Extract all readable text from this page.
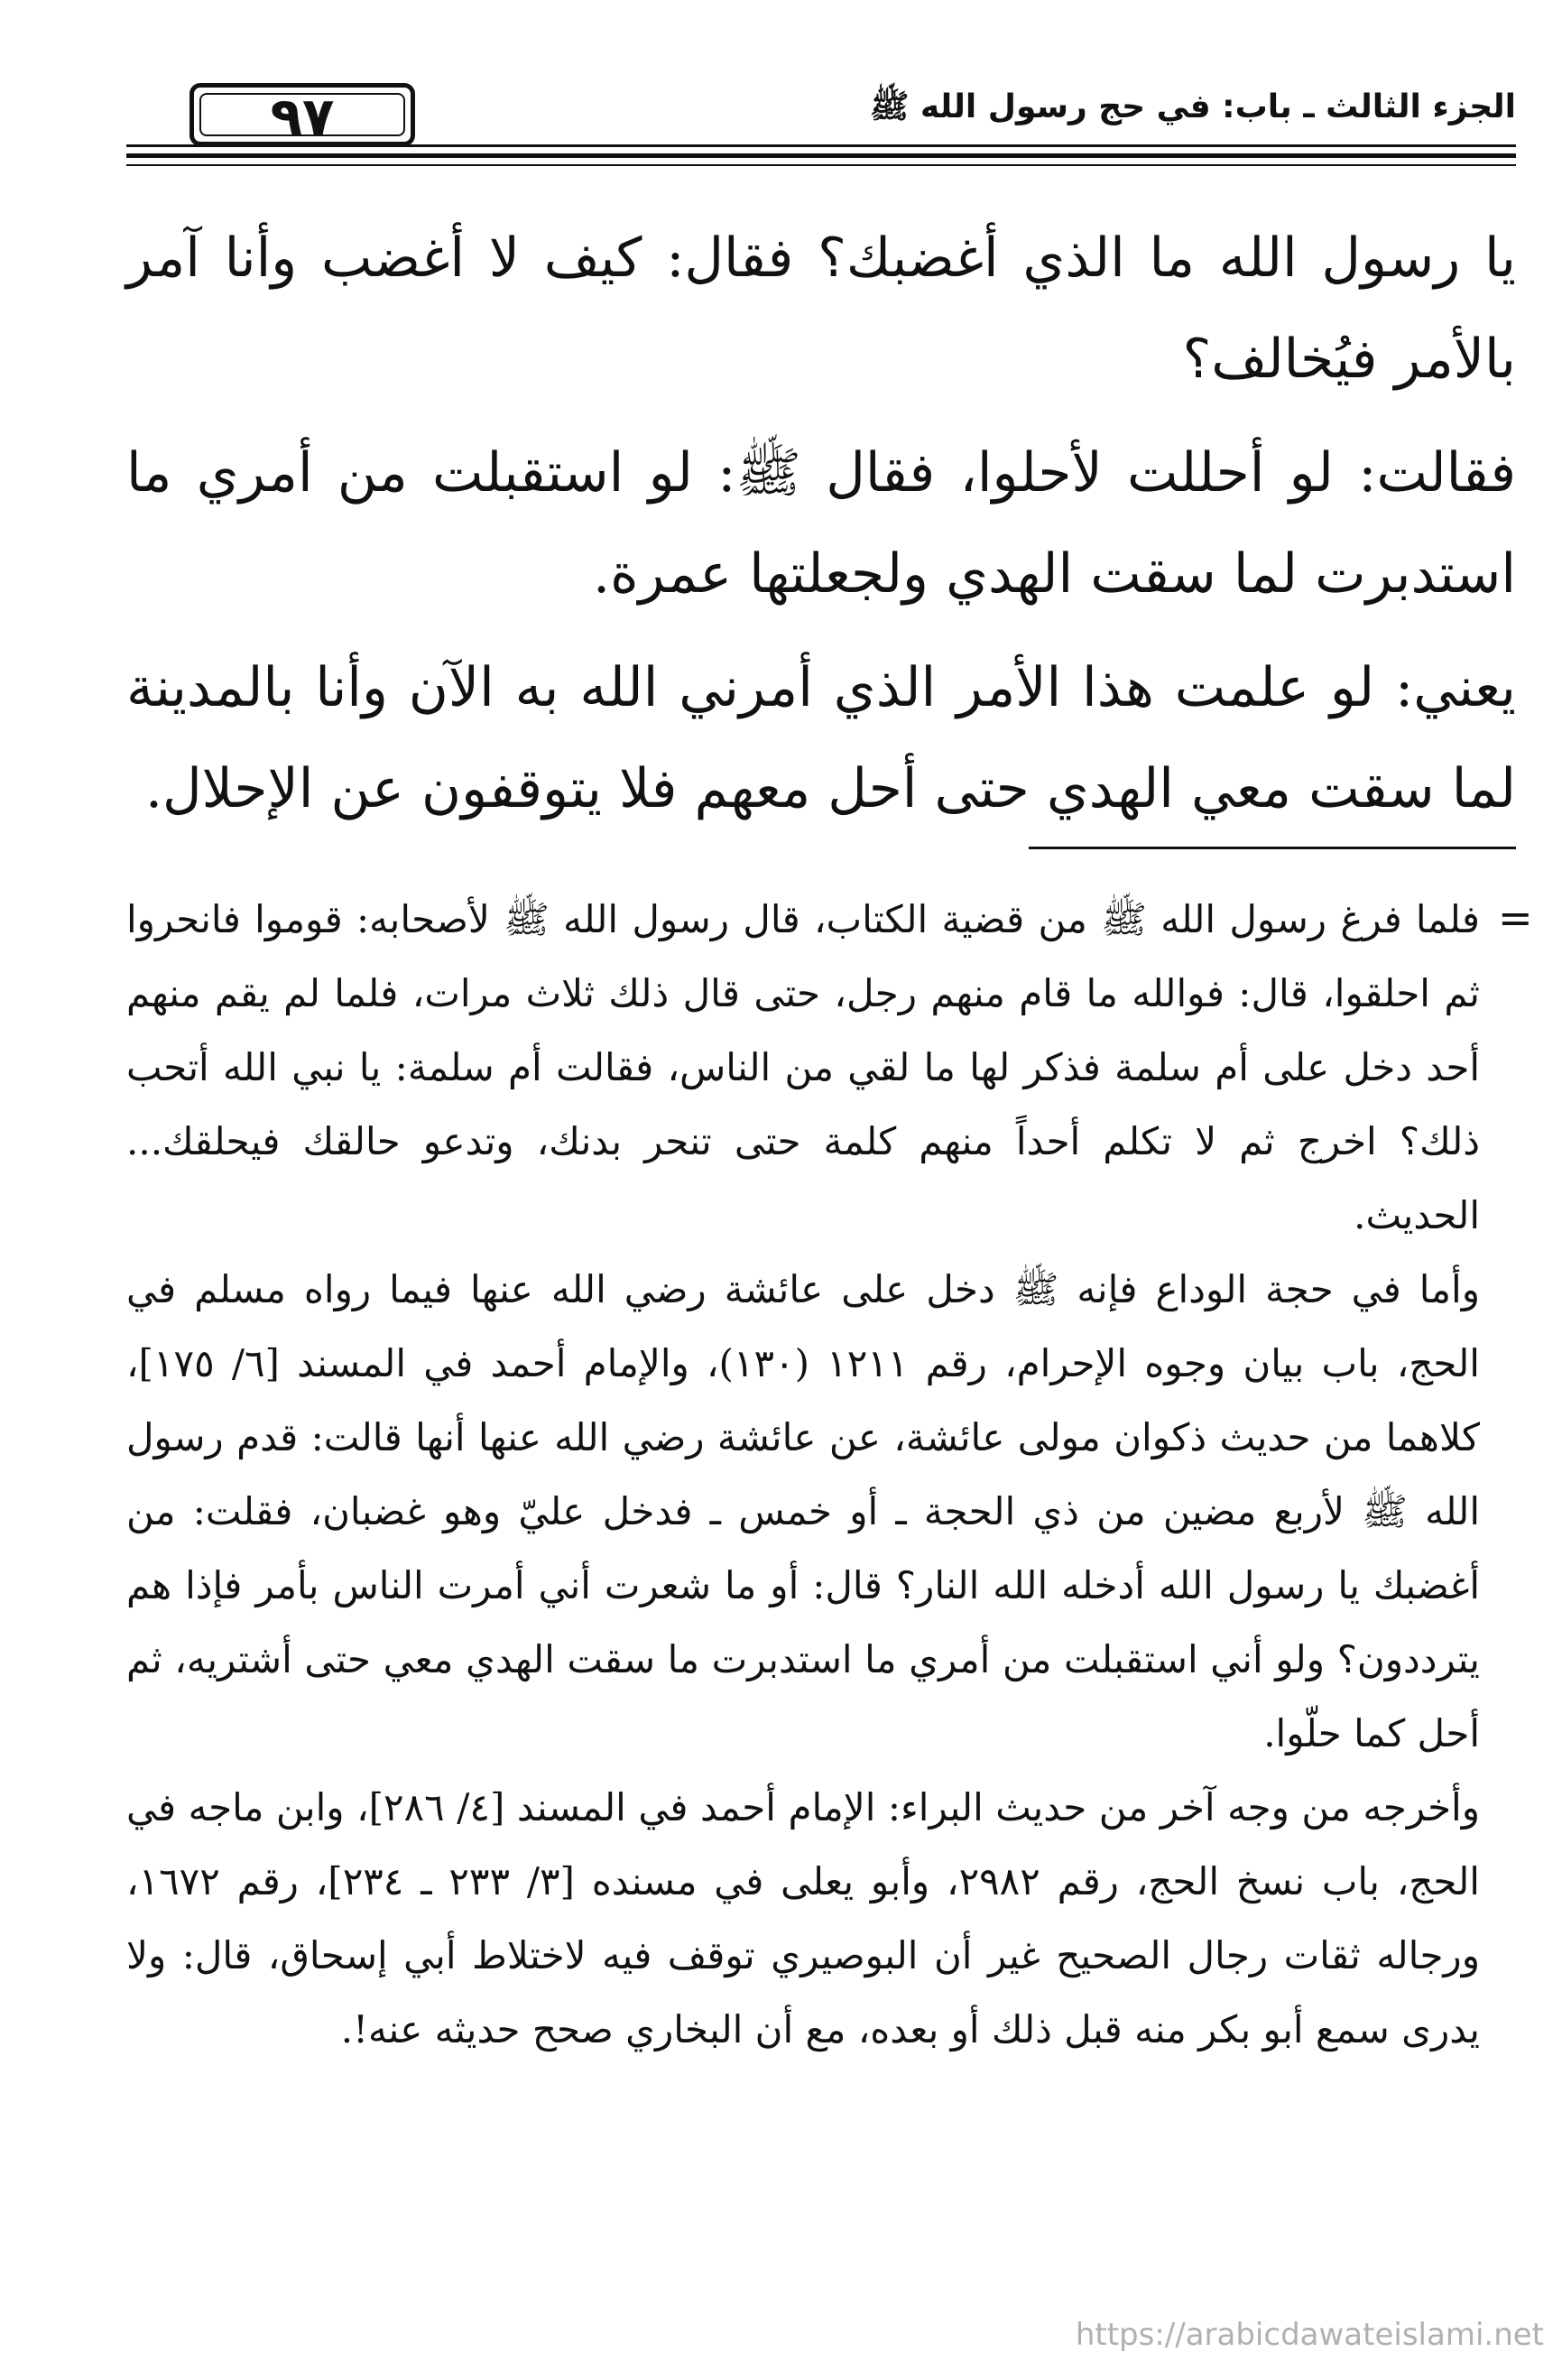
٩٧	الجزء الثالث ـ باب: في حج رسول الله ﷺ

يا رسول الله ما الذي أغضبك؟ فقال: كيف لا أغضب وأنا آمر بالأمر فيُخالف؟

فقالت: لو أحللت لأحلوا، فقال ﷺ: لو استقبلت من أمري ما استدبرت لما سقت الهدي ولجعلتها عمرة.

يعني: لو علمت هذا الأمر الذي أمرني الله به الآن وأنا بالمدينة لما سقت معي الهدي حتى أحل معهم فلا يتوقفون عن الإحلال.

=

فلما فرغ رسول الله ﷺ من قضية الكتاب، قال رسول الله ﷺ لأصحابه: قوموا فانحروا ثم احلقوا، قال: فوالله ما قام منهم رجل، حتى قال ذلك ثلاث مرات، فلما لم يقم منهم أحد دخل على أم سلمة فذكر لها ما لقي من الناس، فقالت أم سلمة: يا نبي الله أتحب ذلك؟ اخرج ثم لا تكلم أحداً منهم كلمة حتى تنحر بدنك، وتدعو حالقك فيحلقك... الحديث.

وأما في حجة الوداع فإنه ﷺ دخل على عائشة رضي الله عنها فيما رواه مسلم في الحج، باب بيان وجوه الإحرام، رقم ١٢١١ (١٣٠)، والإمام أحمد في المسند [٦/ ١٧٥]، كلاهما من حديث ذكوان مولى عائشة، عن عائشة رضي الله عنها أنها قالت: قدم رسول الله ﷺ لأربع مضين من ذي الحجة ـ أو خمس ـ فدخل عليّ وهو غضبان، فقلت: من أغضبك يا رسول الله أدخله الله النار؟ قال: أو ما شعرت أني أمرت الناس بأمر فإذا هم يترددون؟ ولو أني استقبلت من أمري ما استدبرت ما سقت الهدي معي حتى أشتريه، ثم أحل كما حلّوا.

وأخرجه من وجه آخر من حديث البراء: الإمام أحمد في المسند [٤/ ٢٨٦]، وابن ماجه في الحج، باب نسخ الحج، رقم ٢٩٨٢، وأبو يعلى في مسنده [٣/ ٢٣٣ ـ ٢٣٤]، رقم ١٦٧٢، ورجاله ثقات رجال الصحيح غير أن البوصيري توقف فيه لاختلاط أبي إسحاق، قال: ولا يدرى سمع أبو بكر منه قبل ذلك أو بعده، مع أن البخاري صحح حديثه عنه!.

https://arabicdawateislami.net
